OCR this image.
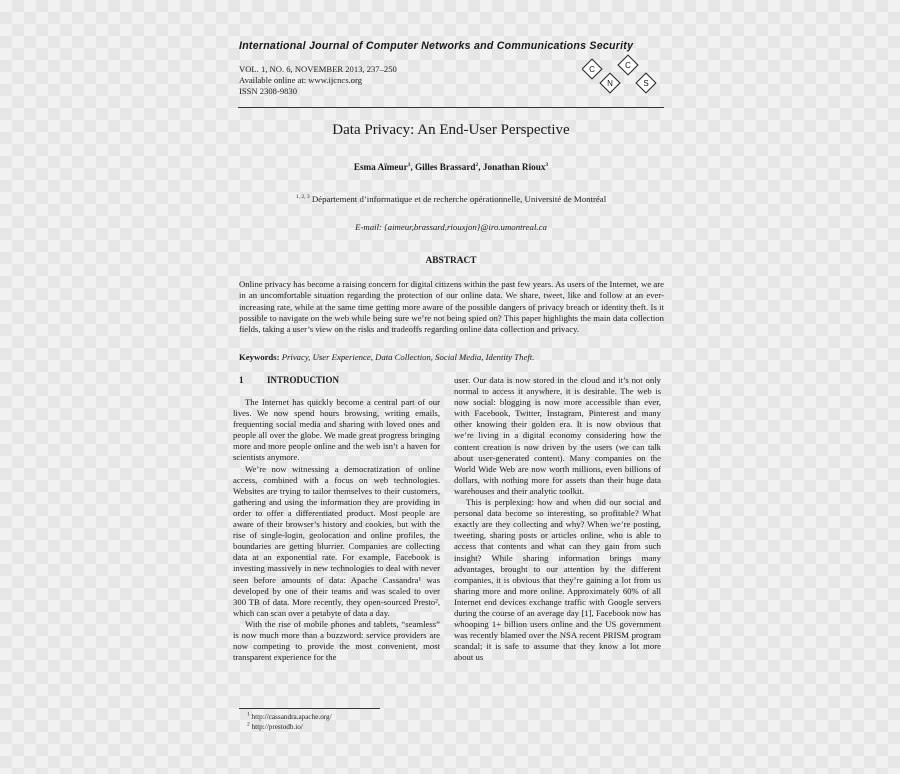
International Journal of Computer Networks and Communications Security
VOL. 1, NO. 6, NOVEMBER 2013, 237–250
Available online at: www.ijcncs.org
ISSN 2308-9830
C
N
C
S
Data Privacy: An End-User Perspective
Esma Aïmeur$^1$, Gilles Brassard$^2$, Jonathan Rioux$^3$
$^{1, 2, 3}$ Département d’informatique et de recherche opérationnelle, Université de Montréal
E-mail: {aimeur,brassard,riouxjon}@iro.umontreal.ca
ABSTRACT
Online privacy has become a raising concern for digital citizens within the past few years. As users of the Internet, we are in an uncomfortable situation regarding the protection of our online data. We share, tweet, like and follow at an ever-increasing rate, while at the same time getting more aware of the possible dangers of privacy breach or identity theft. Is it possible to navigate on the web while being sure we’re not being spied on? This paper highlights the main data collection fields, taking a user’s view on the risks and tradeoffs regarding online data collection and privacy.
Keywords: Privacy, User Experience, Data Collection, Social Media, Identity Theft.
1	INTRODUCTION

The Internet has quickly become a central part of our lives. We now spend hours browsing, writing emails, frequenting social media and sharing with loved ones and people all over the globe. We made great progress bringing more and more people online and the web isn’t a haven for scientists anymore.

We’re now witnessing a democratization of online access, combined with a focus on web technologies. Websites are trying to tailor themselves to their customers, gathering and using the information they are providing in order to offer a differentiated product. Most people are aware of their browser’s history and cookies, but with the rise of single-login, geolocation and online profiles, the boundaries are getting blurrier. Companies are collecting data at an exponential rate. For example, Facebook is investing massively in new technologies to deal with never seen before amounts of data: Apache Cassandra¹ was developed by one of their teams and was scaled to over 300 TB of data. More recently, they open-sourced Presto², which can scan over a petabyte of data a day.

With the rise of mobile phones and tablets, “seamless” is now much more than a buzzword: service providers are now competing to provide the most convenient, most transparent experience for the

user. Our data is now stored in the cloud and it’s not only normal to access it anywhere, it is desirable. The web is now social: blogging is now more accessible than ever, with Facebook, Twitter, Instagram, Pinterest and many other knowing their golden era. It is now obvious that we’re living in a digital economy considering how the content creation is now driven by the users (we can talk about user-generated content). Many companies on the World Wide Web are now worth millions, even billions of dollars, with nothing more for assets than their huge data warehouses and their analytic toolkit.

This is perplexing: how and when did our social and personal data become so interesting, so profitable? What exactly are they collecting and why? When we’re posting, tweeting, sharing posts or articles online, who is able to access that contents and what can they gain from such insight? While sharing information brings many advantages, brought to our attention by the different companies, it is obvious that they’re gaining a lot from us sharing more and more online. Approximately 60% of all Internet end devices exchange traffic with Google servers during the course of an average day [1], Facebook now has whooping 1+ billion users online and the US government was recently blamed over the NSA recent PRISM program scandal; it is safe to assume that they know a lot more about us

$^1$ http://cassandra.apache.org/
$^2$ http://prestodb.io/
